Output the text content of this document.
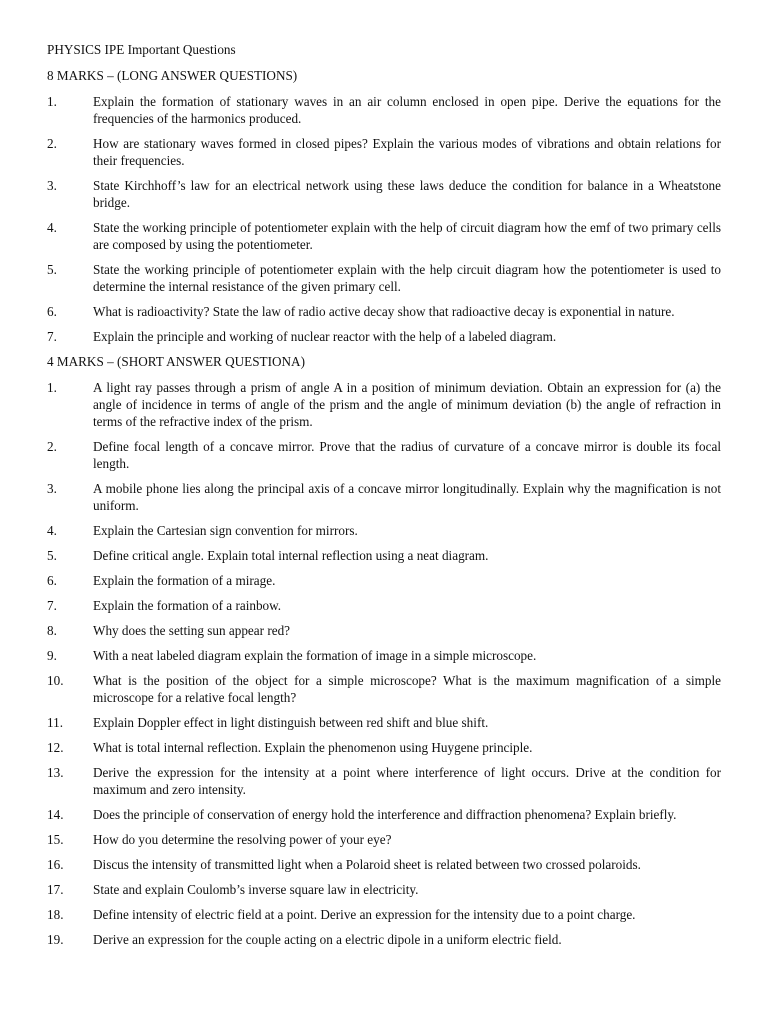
PHYSICS IPE Important Questions
8 MARKS – (LONG ANSWER QUESTIONS)
1.	Explain the formation of stationary waves in an air column enclosed in open pipe. Derive the equations for the frequencies of the harmonics produced.
2.	How are stationary waves formed in closed pipes? Explain the various modes of vibrations and obtain relations for their frequencies.
3.	State Kirchhoff’s law for an electrical network using these laws deduce the condition for balance in a Wheatstone bridge.
4.	State the working principle of potentiometer explain with the help of circuit diagram how the emf of two primary cells are composed by using the potentiometer.
5.	State the working principle of potentiometer explain with the help circuit diagram how the potentiometer is used to determine the internal resistance of the given primary cell.
6.	What is radioactivity? State the law of radio active decay show that radioactive decay is exponential in nature.
7.	Explain the principle and working of nuclear reactor with the help of a labeled diagram.
4 MARKS – (SHORT ANSWER QUESTIONA)
1.	A light ray passes through a prism of angle A in a position of minimum deviation. Obtain an expression for (a) the angle of incidence in terms of angle of the prism and the angle of minimum deviation (b) the angle of refraction in terms of the refractive index of the prism.
2.	Define focal length of a concave mirror. Prove that the radius of curvature of a concave mirror is double its focal length.
3.	A mobile phone lies along the principal axis of a concave mirror longitudinally. Explain why the magnification is not uniform.
4.	Explain the Cartesian sign convention for mirrors.
5.	Define critical angle. Explain total internal reflection using a neat diagram.
6.	Explain the formation of a mirage.
7.	Explain the formation of a rainbow.
8.	Why does the setting sun appear red?
9.	With a neat labeled diagram explain the formation of image in a simple microscope.
10.	What is the position of the object for a simple microscope? What is the maximum magnification of a simple microscope for a relative focal length?
11.	Explain Doppler effect in light distinguish between red shift and blue shift.
12.	What is total internal reflection. Explain the phenomenon using Huygene principle.
13.	Derive the expression for the intensity at a point where interference of light occurs. Drive at the condition for maximum and zero intensity.
14.	Does the principle of conservation of energy hold the interference and diffraction phenomena? Explain briefly.
15.	How do you determine the resolving power of your eye?
16.	Discus the intensity of transmitted light when a Polaroid sheet is related between two crossed polaroids.
17.	State and explain Coulomb’s inverse square law in electricity.
18.	Define intensity of electric field at a point. Derive an expression for the intensity due to a point charge.
19.	Derive an expression for the couple acting on a electric dipole in a uniform electric field.
